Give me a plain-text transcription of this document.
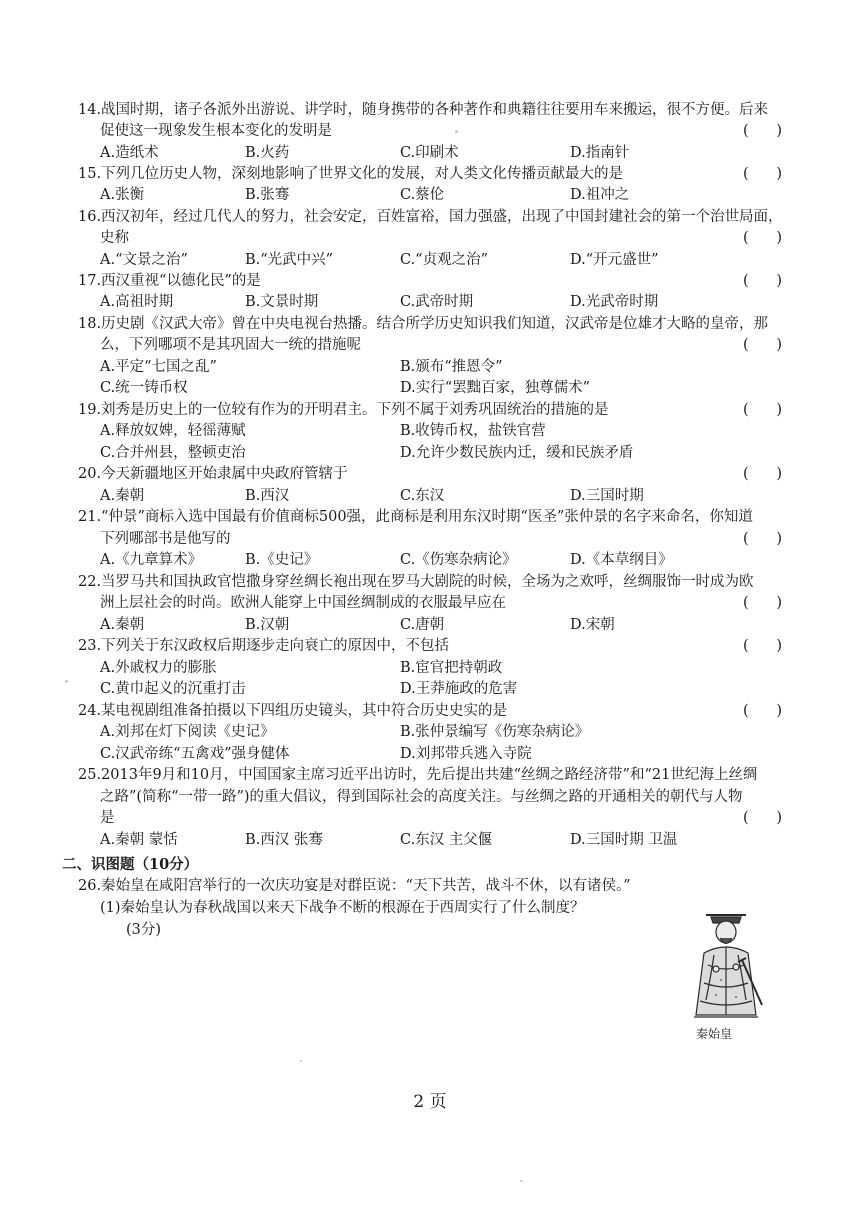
14.战国时期，诸子各派外出游说、讲学时，随身携带的各种著作和典籍往往要用车来搬运，很不方便。后来
促使这一现象发生根本变化的发明是	(      )
A.造纸术	B.火药	C.印刷术	D.指南针
15.下列几位历史人物，深刻地影响了世界文化的发展，对人类文化传播贡献最大的是	(      )
A.张衡	B.张骞	C.蔡伦	D.祖冲之
16.西汉初年，经过几代人的努力，社会安定，百姓富裕，国力强盛，出现了中国封建社会的第一个治世局面，
史称	(      )
A.“文景之治”	B.“光武中兴”	C.“贞观之治”	D.“开元盛世”
17.西汉重视“以德化民”的是	(      )
A.高祖时期	B.文景时期	C.武帝时期	D.光武帝时期
18.历史剧《汉武大帝》曾在中央电视台热播。结合所学历史知识我们知道，汉武帝是位雄才大略的皇帝，那
么，下列哪项不是其巩固大一统的措施呢	(      )
A.平定“七国之乱”	B.颁布“推恩令”
C.统一铸币权	D.实行“罢黜百家，独尊儒术”
19.刘秀是历史上的一位较有作为的开明君主。下列不属于刘秀巩固统治的措施的是	(      )
A.释放奴婢，轻徭薄赋	B.收铸币权，盐铁官营
C.合并州县，整顿吏治	D.允许少数民族内迁，缓和民族矛盾
20.今天新疆地区开始隶属中央政府管辖于	(      )
A.秦朝	B.西汉	C.东汉	D.三国时期
21.“仲景”商标入选中国最有价值商标500强，此商标是利用东汉时期“医圣”张仲景的名字来命名，你知道
下列哪部书是他写的	(      )
A.《九章算术》	B.《史记》	C.《伤寒杂病论》	D.《本草纲目》
22.当罗马共和国执政官恺撒身穿丝绸长袍出现在罗马大剧院的时候，全场为之欢呼，丝绸服饰一时成为欧
洲上层社会的时尚。欧洲人能穿上中国丝绸制成的衣服最早应在	(      )
A.秦朝	B.汉朝	C.唐朝	D.宋朝
23.下列关于东汉政权后期逐步走向衰亡的原因中，不包括	(      )
A.外戚权力的膨胀	B.宦官把持朝政
C.黄巾起义的沉重打击	D.王莽施政的危害
24.某电视剧组准备拍摄以下四组历史镜头，其中符合历史史实的是	(      )
A.刘邦在灯下阅读《史记》	B.张仲景编写《伤寒杂病论》
C.汉武帝练“五禽戏”强身健体	D.刘邦带兵逃入寺院
25.2013年9月和10月，中国国家主席习近平出访时，先后提出共建“丝绸之路经济带”和“21世纪海上丝绸
之路”(简称“一带一路”)的重大倡议，得到国际社会的高度关注。与丝绸之路的开通相关的朝代与人物
是	(      )
A.秦朝 蒙恬	B.西汉 张骞	C.东汉 主父偃	D.三国时期 卫温
二、识图题（10分）
26.秦始皇在咸阳宫举行的一次庆功宴是对群臣说：“天下共苦，战斗不休，以有诸侯。”
(1)秦始皇认为春秋战国以来天下战争不断的根源在于西周实行了什么制度？
(3分)
秦始皇
2 页
